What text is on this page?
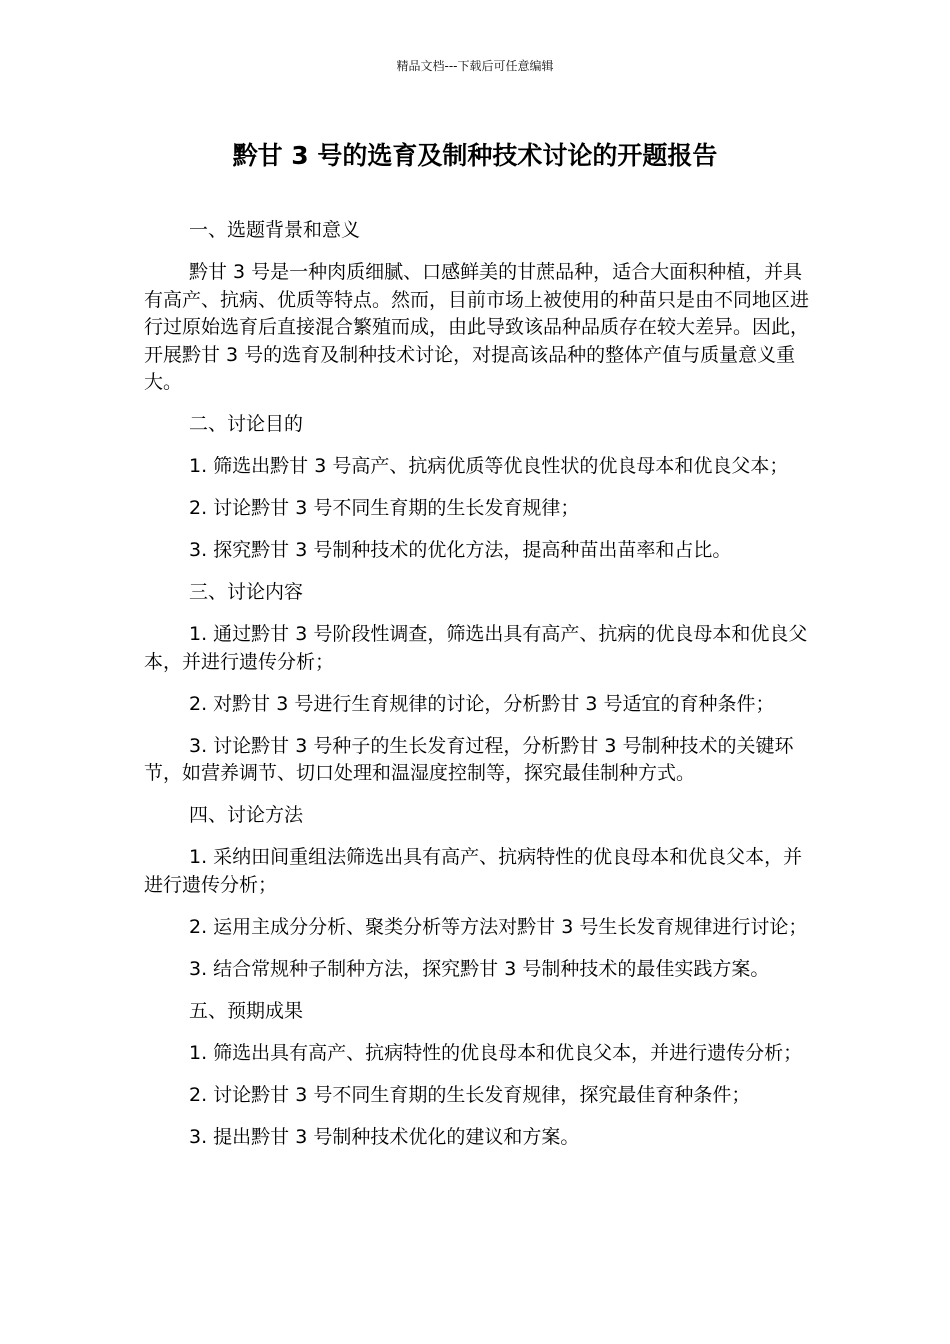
精品文档---下载后可任意编辑
黔甘 3 号的选育及制种技术讨论的开题报告

一、选题背景和意义

黔甘 3 号是一种肉质细腻、口感鲜美的甘蔗品种，适合大面积种植，并具有高产、抗病、优质等特点。然而，目前市场上被使用的种苗只是由不同地区进行过原始选育后直接混合繁殖而成，由此导致该品种品质存在较大差异。因此，开展黔甘 3 号的选育及制种技术讨论，对提高该品种的整体产值与质量意义重大。

二、讨论目的

1. 筛选出黔甘 3 号高产、抗病优质等优良性状的优良母本和优良父本；

2. 讨论黔甘 3 号不同生育期的生长发育规律；

3. 探究黔甘 3 号制种技术的优化方法，提高种苗出苗率和占比。

三、讨论内容

1. 通过黔甘 3 号阶段性调查，筛选出具有高产、抗病的优良母本和优良父本，并进行遗传分析；

2. 对黔甘 3 号进行生育规律的讨论，分析黔甘 3 号适宜的育种条件；

3. 讨论黔甘 3 号种子的生长发育过程，分析黔甘 3 号制种技术的关键环节，如营养调节、切口处理和温湿度控制等，探究最佳制种方式。

四、讨论方法

1. 采纳田间重组法筛选出具有高产、抗病特性的优良母本和优良父本，并进行遗传分析；

2. 运用主成分分析、聚类分析等方法对黔甘 3 号生长发育规律进行讨论；

3. 结合常规种子制种方法，探究黔甘 3 号制种技术的最佳实践方案。

五、预期成果

1. 筛选出具有高产、抗病特性的优良母本和优良父本，并进行遗传分析；

2. 讨论黔甘 3 号不同生育期的生长发育规律，探究最佳育种条件；

3. 提出黔甘 3 号制种技术优化的建议和方案。
